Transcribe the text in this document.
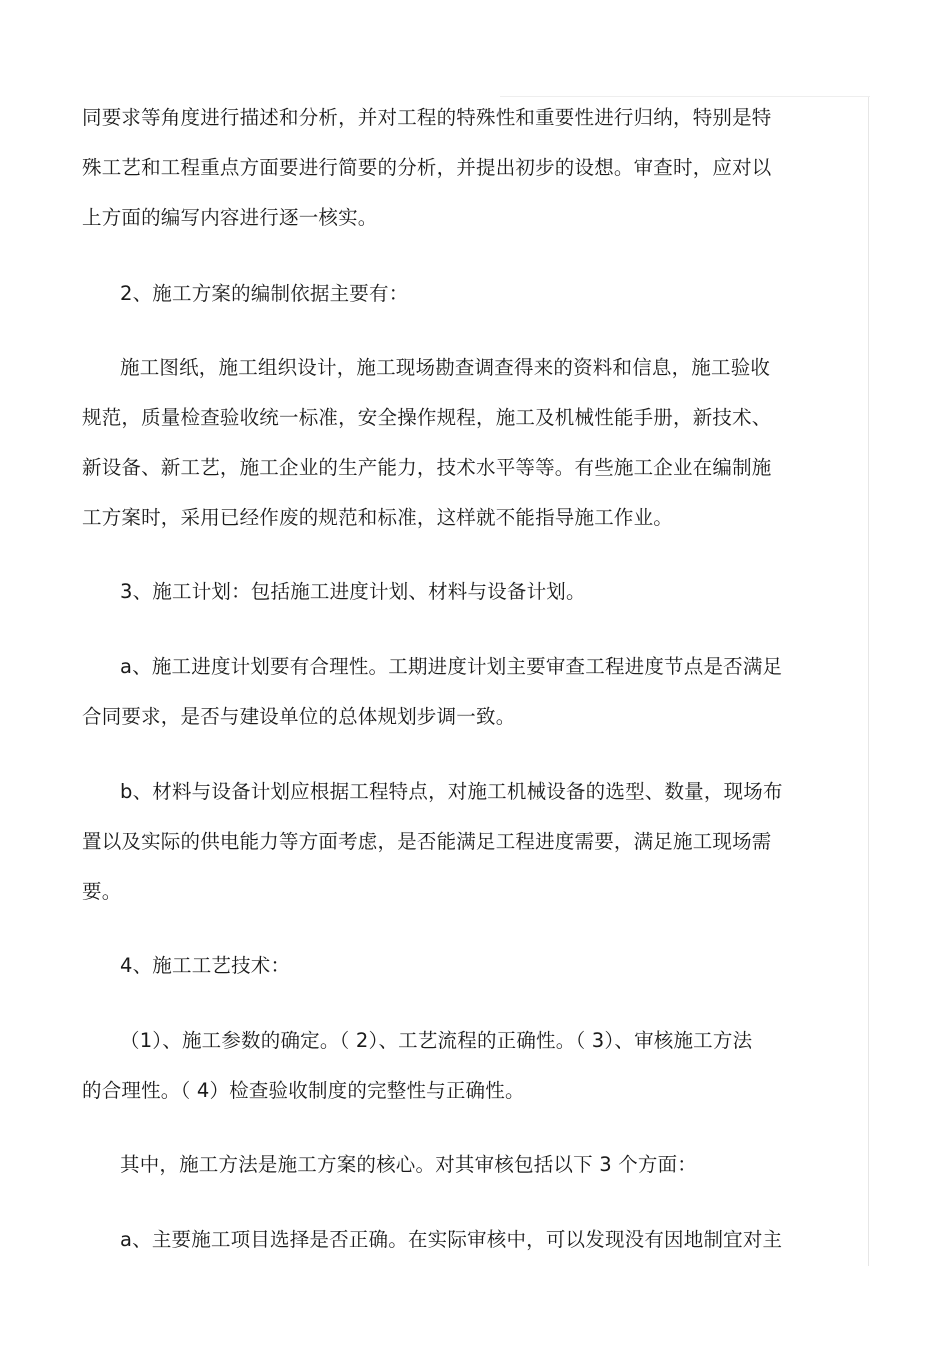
同要求等角度进行描述和分析，并对工程的特殊性和重要性进行归纳，特别是特
殊工艺和工程重点方面要进行简要的分析，并提出初步的设想。审查时，应对以
上方面的编写内容进行逐一核实。
2、施工方案的编制依据主要有：
施工图纸，施工组织设计，施工现场勘查调查得来的资料和信息，施工验收
规范，质量检查验收统一标准，安全操作规程，施工及机械性能手册，新技术、
新设备、新工艺，施工企业的生产能力，技术水平等等。有些施工企业在编制施
工方案时，采用已经作废的规范和标准，这样就不能指导施工作业。
3、施工计划：包括施工进度计划、材料与设备计划。
a、施工进度计划要有合理性。工期进度计划主要审查工程进度节点是否满足
合同要求，是否与建设单位的总体规划步调一致。
b、材料与设备计划应根据工程特点，对施工机械设备的选型、数量，现场布
置以及实际的供电能力等方面考虑，是否能满足工程进度需要，满足施工现场需
要。
4、施工工艺技术：
（1）、施工参数的确定。（ 2）、工艺流程的正确性。（ 3）、审核施工方法
的合理性。（ 4）检查验收制度的完整性与正确性。
其中，施工方法是施工方案的核心。对其审核包括以下 3 个方面：
a、主要施工项目选择是否正确。在实际审核中，可以发现没有因地制宜对主
